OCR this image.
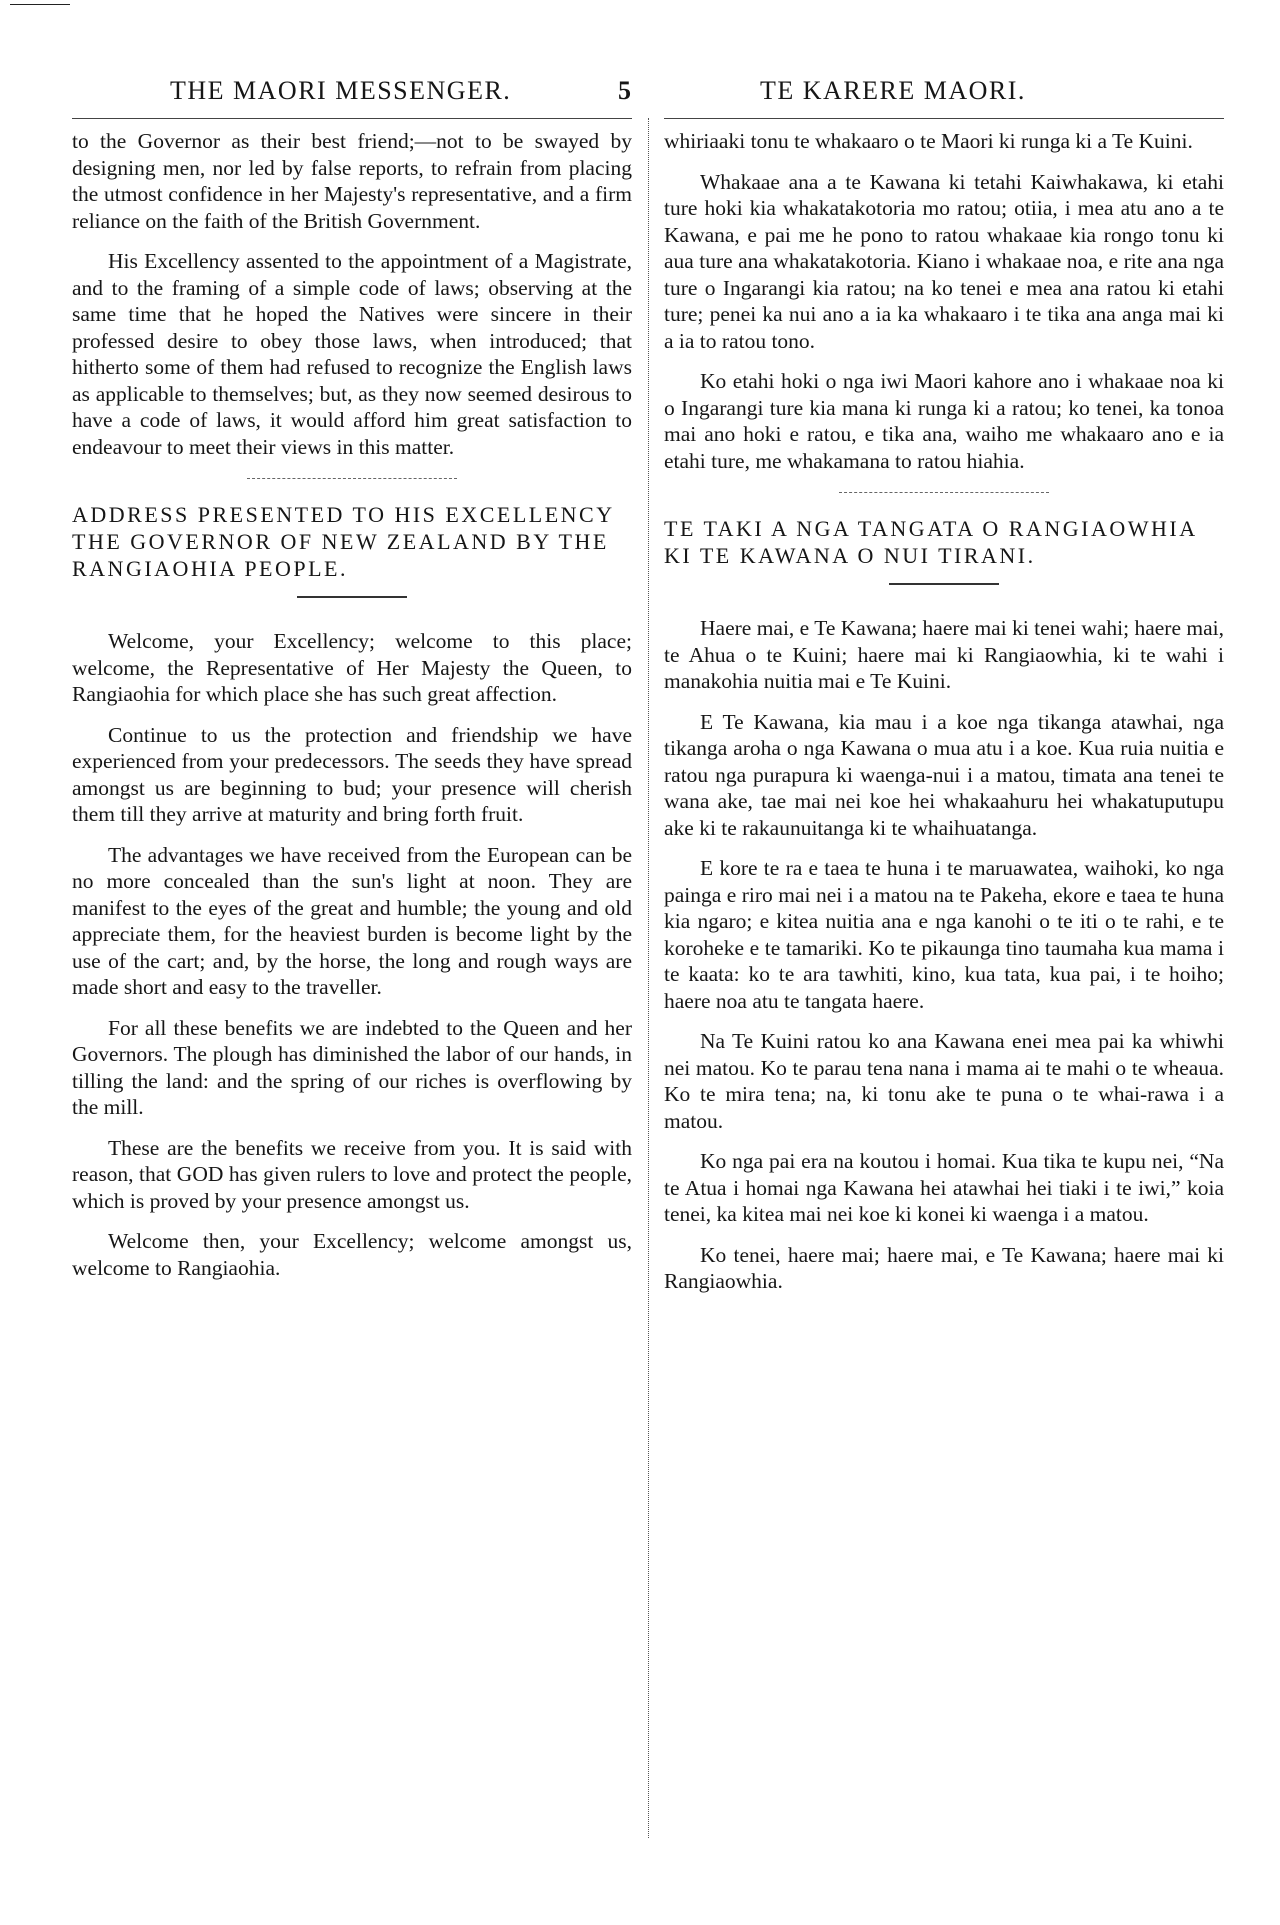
THE MAORI MESSENGER.	5	TE KARERE MAORI.

to the Governor as their best friend;—not to be swayed by designing men, nor led by false reports, to refrain from placing the utmost confidence in her Majesty's representative, and a firm reliance on the faith of the British Government.

His Excellency assented to the appointment of a Magistrate, and to the framing of a simple code of laws; observing at the same time that he hoped the Natives were sincere in their professed desire to obey those laws, when introduced; that hitherto some of them had refused to recognize the English laws as applicable to themselves; but, as they now seemed desirous to have a code of laws, it would afford him great satisfaction to endeavour to meet their views in this matter.

ADDRESS PRESENTED TO HIS EXCELLENCY THE GOVERNOR OF NEW ZEALAND BY THE RANGIAOHIA PEOPLE.

Welcome, your Excellency; welcome to this place; welcome, the Representative of Her Majesty the Queen, to Rangiaohia for which place she has such great affection.

Continue to us the protection and friendship we have experienced from your predecessors. The seeds they have spread amongst us are beginning to bud; your presence will cherish them till they arrive at maturity and bring forth fruit.

The advantages we have received from the European can be no more concealed than the sun's light at noon. They are manifest to the eyes of the great and humble; the young and old appreciate them, for the heaviest burden is become light by the use of the cart; and, by the horse, the long and rough ways are made short and easy to the traveller.

For all these benefits we are indebted to the Queen and her Governors. The plough has diminished the labor of our hands, in tilling the land: and the spring of our riches is overflowing by the mill.

These are the benefits we receive from you. It is said with reason, that GOD has given rulers to love and protect the people, which is proved by your presence amongst us.

Welcome then, your Excellency; welcome amongst us, welcome to Rangiaohia.

whiriaaki tonu te whakaaro o te Maori ki runga ki a Te Kuini.

Whakaae ana a te Kawana ki tetahi Kaiwhakawa, ki etahi ture hoki kia whakatakotoria mo ratou; otiia, i mea atu ano a te Kawana, e pai me he pono to ratou whakaae kia rongo tonu ki aua ture ana whakatakotoria. Kiano i whakaae noa, e rite ana nga ture o Ingarangi kia ratou; na ko tenei e mea ana ratou ki etahi ture; penei ka nui ano a ia ka whakaaro i te tika ana anga mai ki a ia to ratou tono.

Ko etahi hoki o nga iwi Maori kahore ano i whakaae noa ki o Ingarangi ture kia mana ki runga ki a ratou; ko tenei, ka tonoa mai ano hoki e ratou, e tika ana, waiho me whakaaro ano e ia etahi ture, me whakamana to ratou hiahia.

TE TAKI A NGA TANGATA O RANGIAOWHIA KI TE KAWANA O NUI TIRANI.

Haere mai, e Te Kawana; haere mai ki tenei wahi; haere mai, te Ahua o te Kuini; haere mai ki Rangiaowhia, ki te wahi i manakohia nuitia mai e Te Kuini.

E Te Kawana, kia mau i a koe nga tikanga atawhai, nga tikanga aroha o nga Kawana o mua atu i a koe. Kua ruia nuitia e ratou nga purapura ki waenga-nui i a matou, timata ana tenei te wana ake, tae mai nei koe hei whakaahuru hei whakatuputupu ake ki te rakaunuitanga ki te whaihuatanga.

E kore te ra e taea te huna i te maruawatea, waihoki, ko nga painga e riro mai nei i a matou na te Pakeha, ekore e taea te huna kia ngaro; e kitea nuitia ana e nga kanohi o te iti o te rahi, e te koroheke e te tamariki. Ko te pikaunga tino taumaha kua mama i te kaata: ko te ara tawhiti, kino, kua tata, kua pai, i te hoiho; haere noa atu te tangata haere.

Na Te Kuini ratou ko ana Kawana enei mea pai ka whiwhi nei matou. Ko te parau tena nana i mama ai te mahi o te wheaua. Ko te mira tena; na, ki tonu ake te puna o te whai-rawa i a matou.

Ko nga pai era na koutou i homai. Kua tika te kupu nei, “Na te Atua i homai nga Kawana hei atawhai hei tiaki i te iwi,” koia tenei, ka kitea mai nei koe ki konei ki waenga i a matou.

Ko tenei, haere mai; haere mai, e Te Kawana; haere mai ki Rangiaowhia.
